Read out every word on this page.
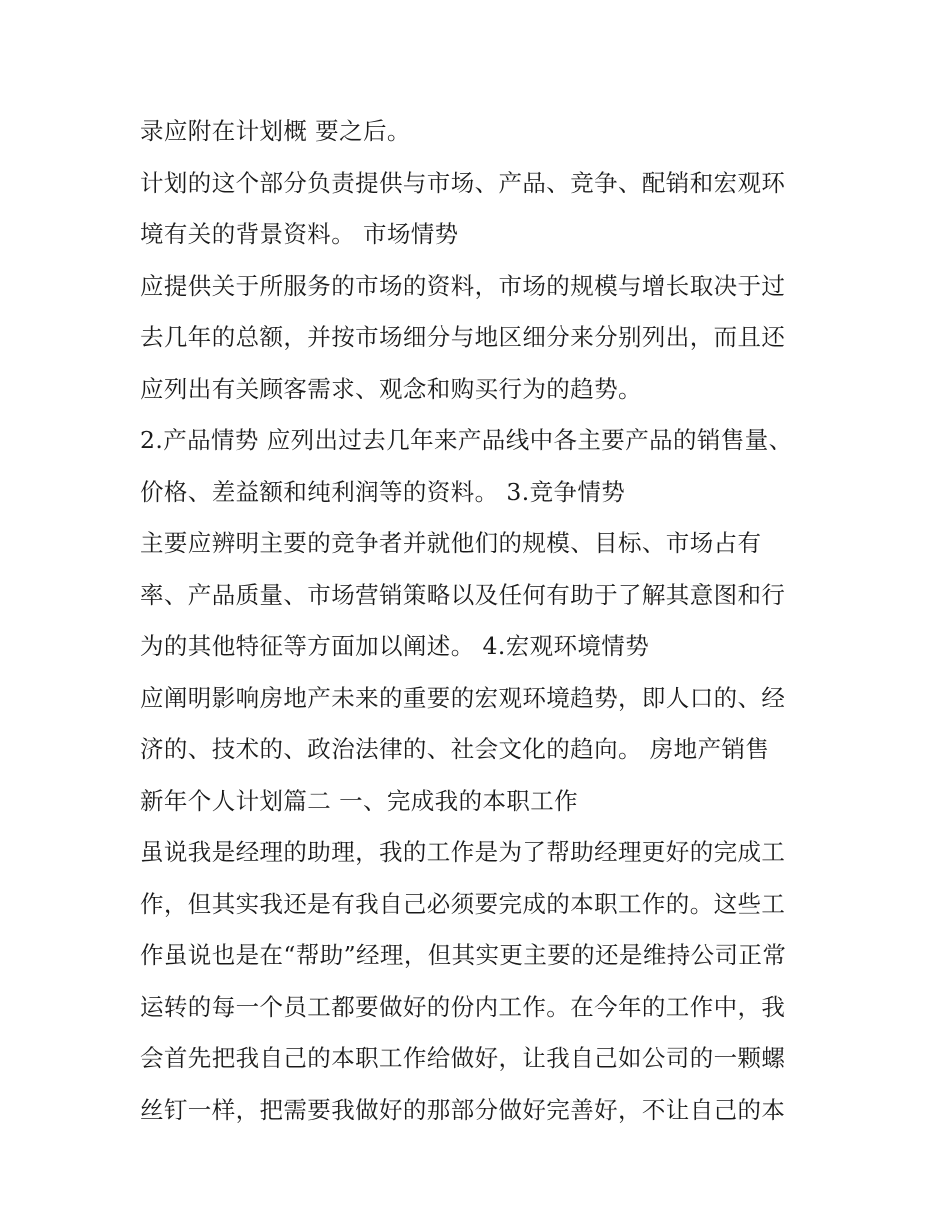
录应附在计划概 要之后。
计划的这个部分负责提供与市场、产品、竞争、配销和宏观环
境有关的背景资料。 市场情势
应提供关于所服务的市场的资料，市场的规模与增长取决于过
去几年的总额，并按市场细分与地区细分来分别列出，而且还
应列出有关顾客需求、观念和购买行为的趋势。
2.产品情势 应列出过去几年来产品线中各主要产品的销售量、
价格、差益额和纯利润等的资料。 3.竞争情势
主要应辨明主要的竞争者并就他们的规模、目标、市场占有
率、产品质量、市场营销策略以及任何有助于了解其意图和行
为的其他特征等方面加以阐述。 4.宏观环境情势
应阐明影响房地产未来的重要的宏观环境趋势，即人口的、经
济的、技术的、政治法律的、社会文化的趋向。 房地产销售
新年个人计划篇二 一、完成我的本职工作
虽说我是经理的助理，我的工作是为了帮助经理更好的完成工
作，但其实我还是有我自己必须要完成的本职工作的。这些工
作虽说也是在“帮助”经理，但其实更主要的还是维持公司正常
运转的每一个员工都要做好的份内工作。在今年的工作中，我
会首先把我自己的本职工作给做好，让我自己如公司的一颗螺
丝钉一样，把需要我做好的那部分做好完善好，不让自己的本
